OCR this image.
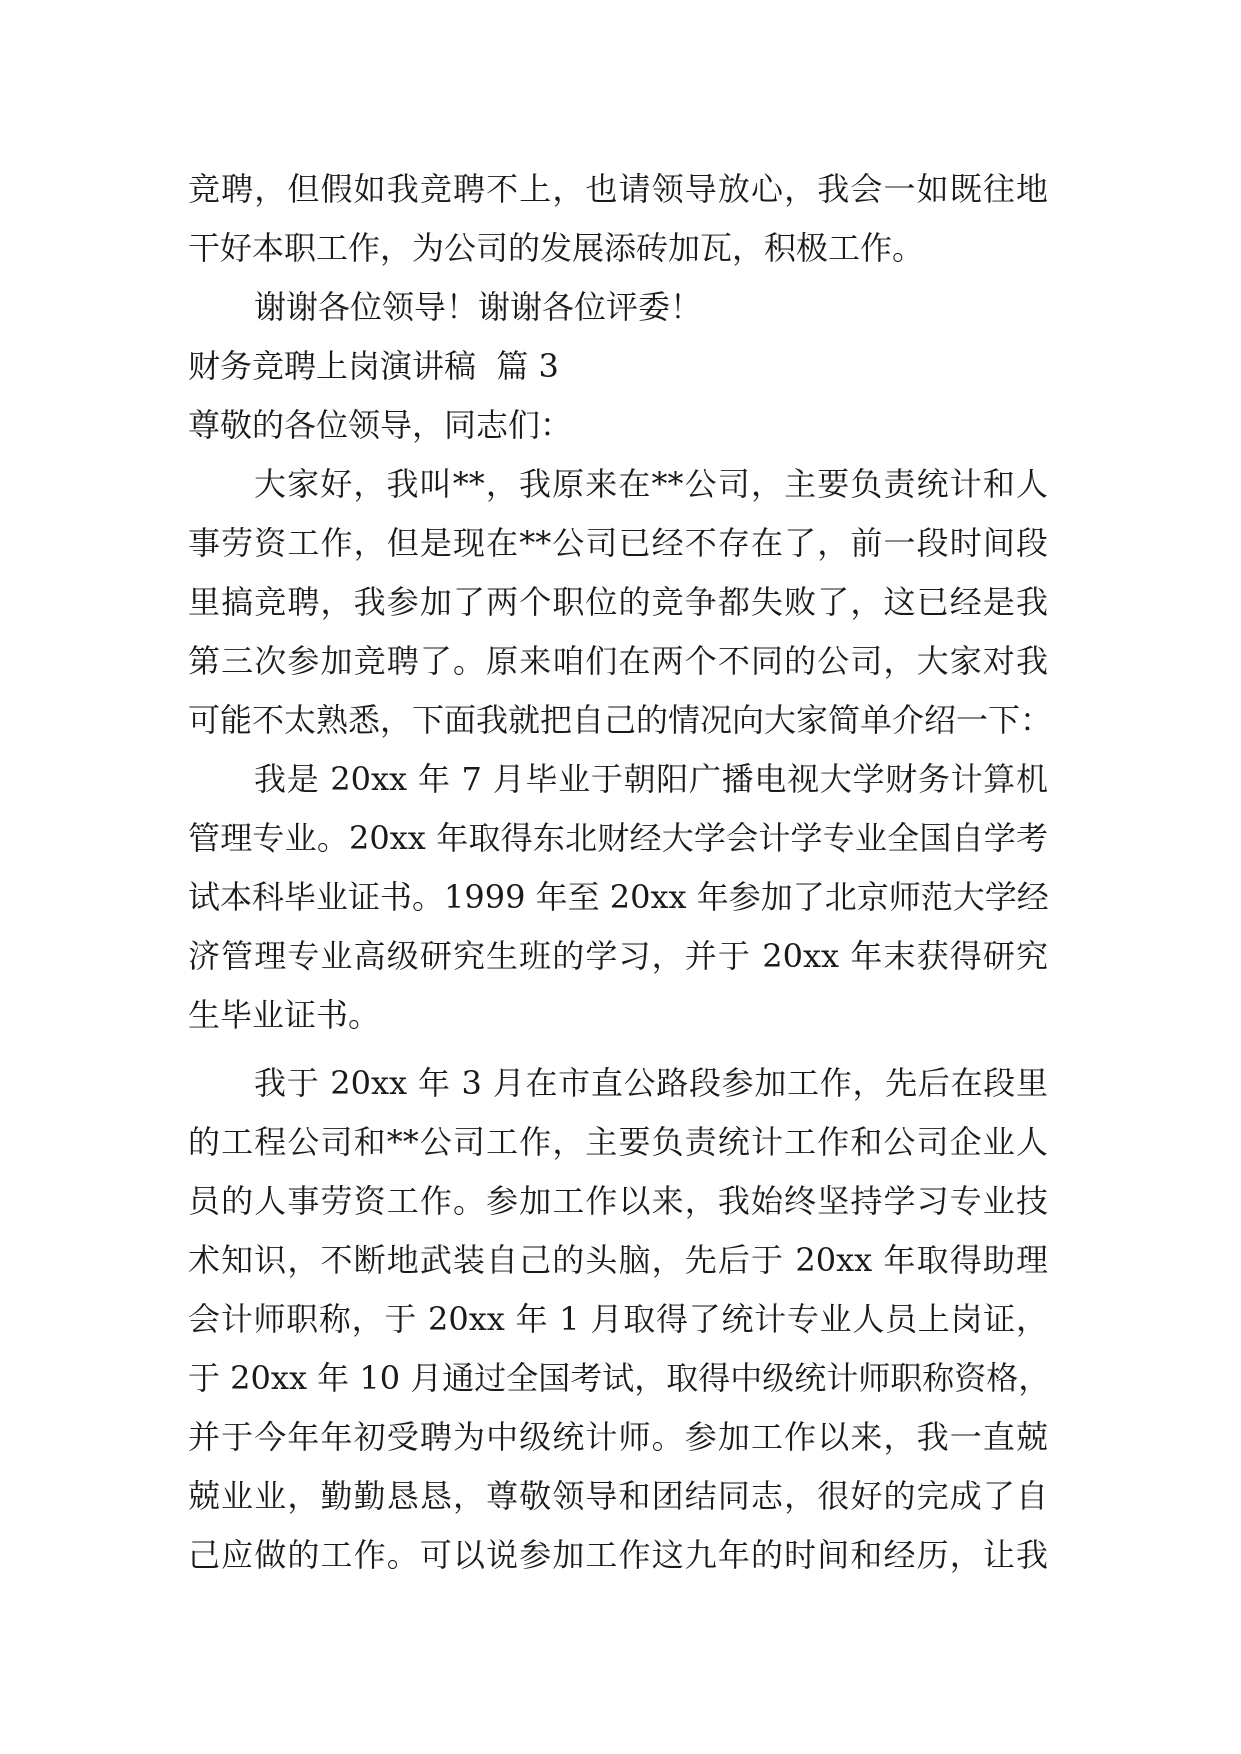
竞聘，但假如我竞聘不上，也请领导放心，我会一如既往地
干好本职工作，为公司的发展添砖加瓦，积极工作。
谢谢各位领导！谢谢各位评委！
财务竞聘上岗演讲稿  篇 3
尊敬的各位领导，同志们：
大家好，我叫**，我原来在**公司，主要负责统计和人
事劳资工作，但是现在**公司已经不存在了，前一段时间段
里搞竞聘，我参加了两个职位的竞争都失败了，这已经是我
第三次参加竞聘了。原来咱们在两个不同的公司，大家对我
可能不太熟悉，下面我就把自己的情况向大家简单介绍一下：
我是 20xx 年 7 月毕业于朝阳广播电视大学财务计算机
管理专业。20xx 年取得东北财经大学会计学专业全国自学考
试本科毕业证书。1999 年至 20xx 年参加了北京师范大学经
济管理专业高级研究生班的学习，并于 20xx 年末获得研究
生毕业证书。
我于 20xx 年 3 月在市直公路段参加工作，先后在段里
的工程公司和**公司工作，主要负责统计工作和公司企业人
员的人事劳资工作。参加工作以来，我始终坚持学习专业技
术知识，不断地武装自己的头脑，先后于 20xx 年取得助理
会计师职称，于 20xx 年 1 月取得了统计专业人员上岗证，
于 20xx 年 10 月通过全国考试，取得中级统计师职称资格，
并于今年年初受聘为中级统计师。参加工作以来，我一直兢
兢业业，勤勤恳恳，尊敬领导和团结同志，很好的完成了自
己应做的工作。可以说参加工作这九年的时间和经历，让我
